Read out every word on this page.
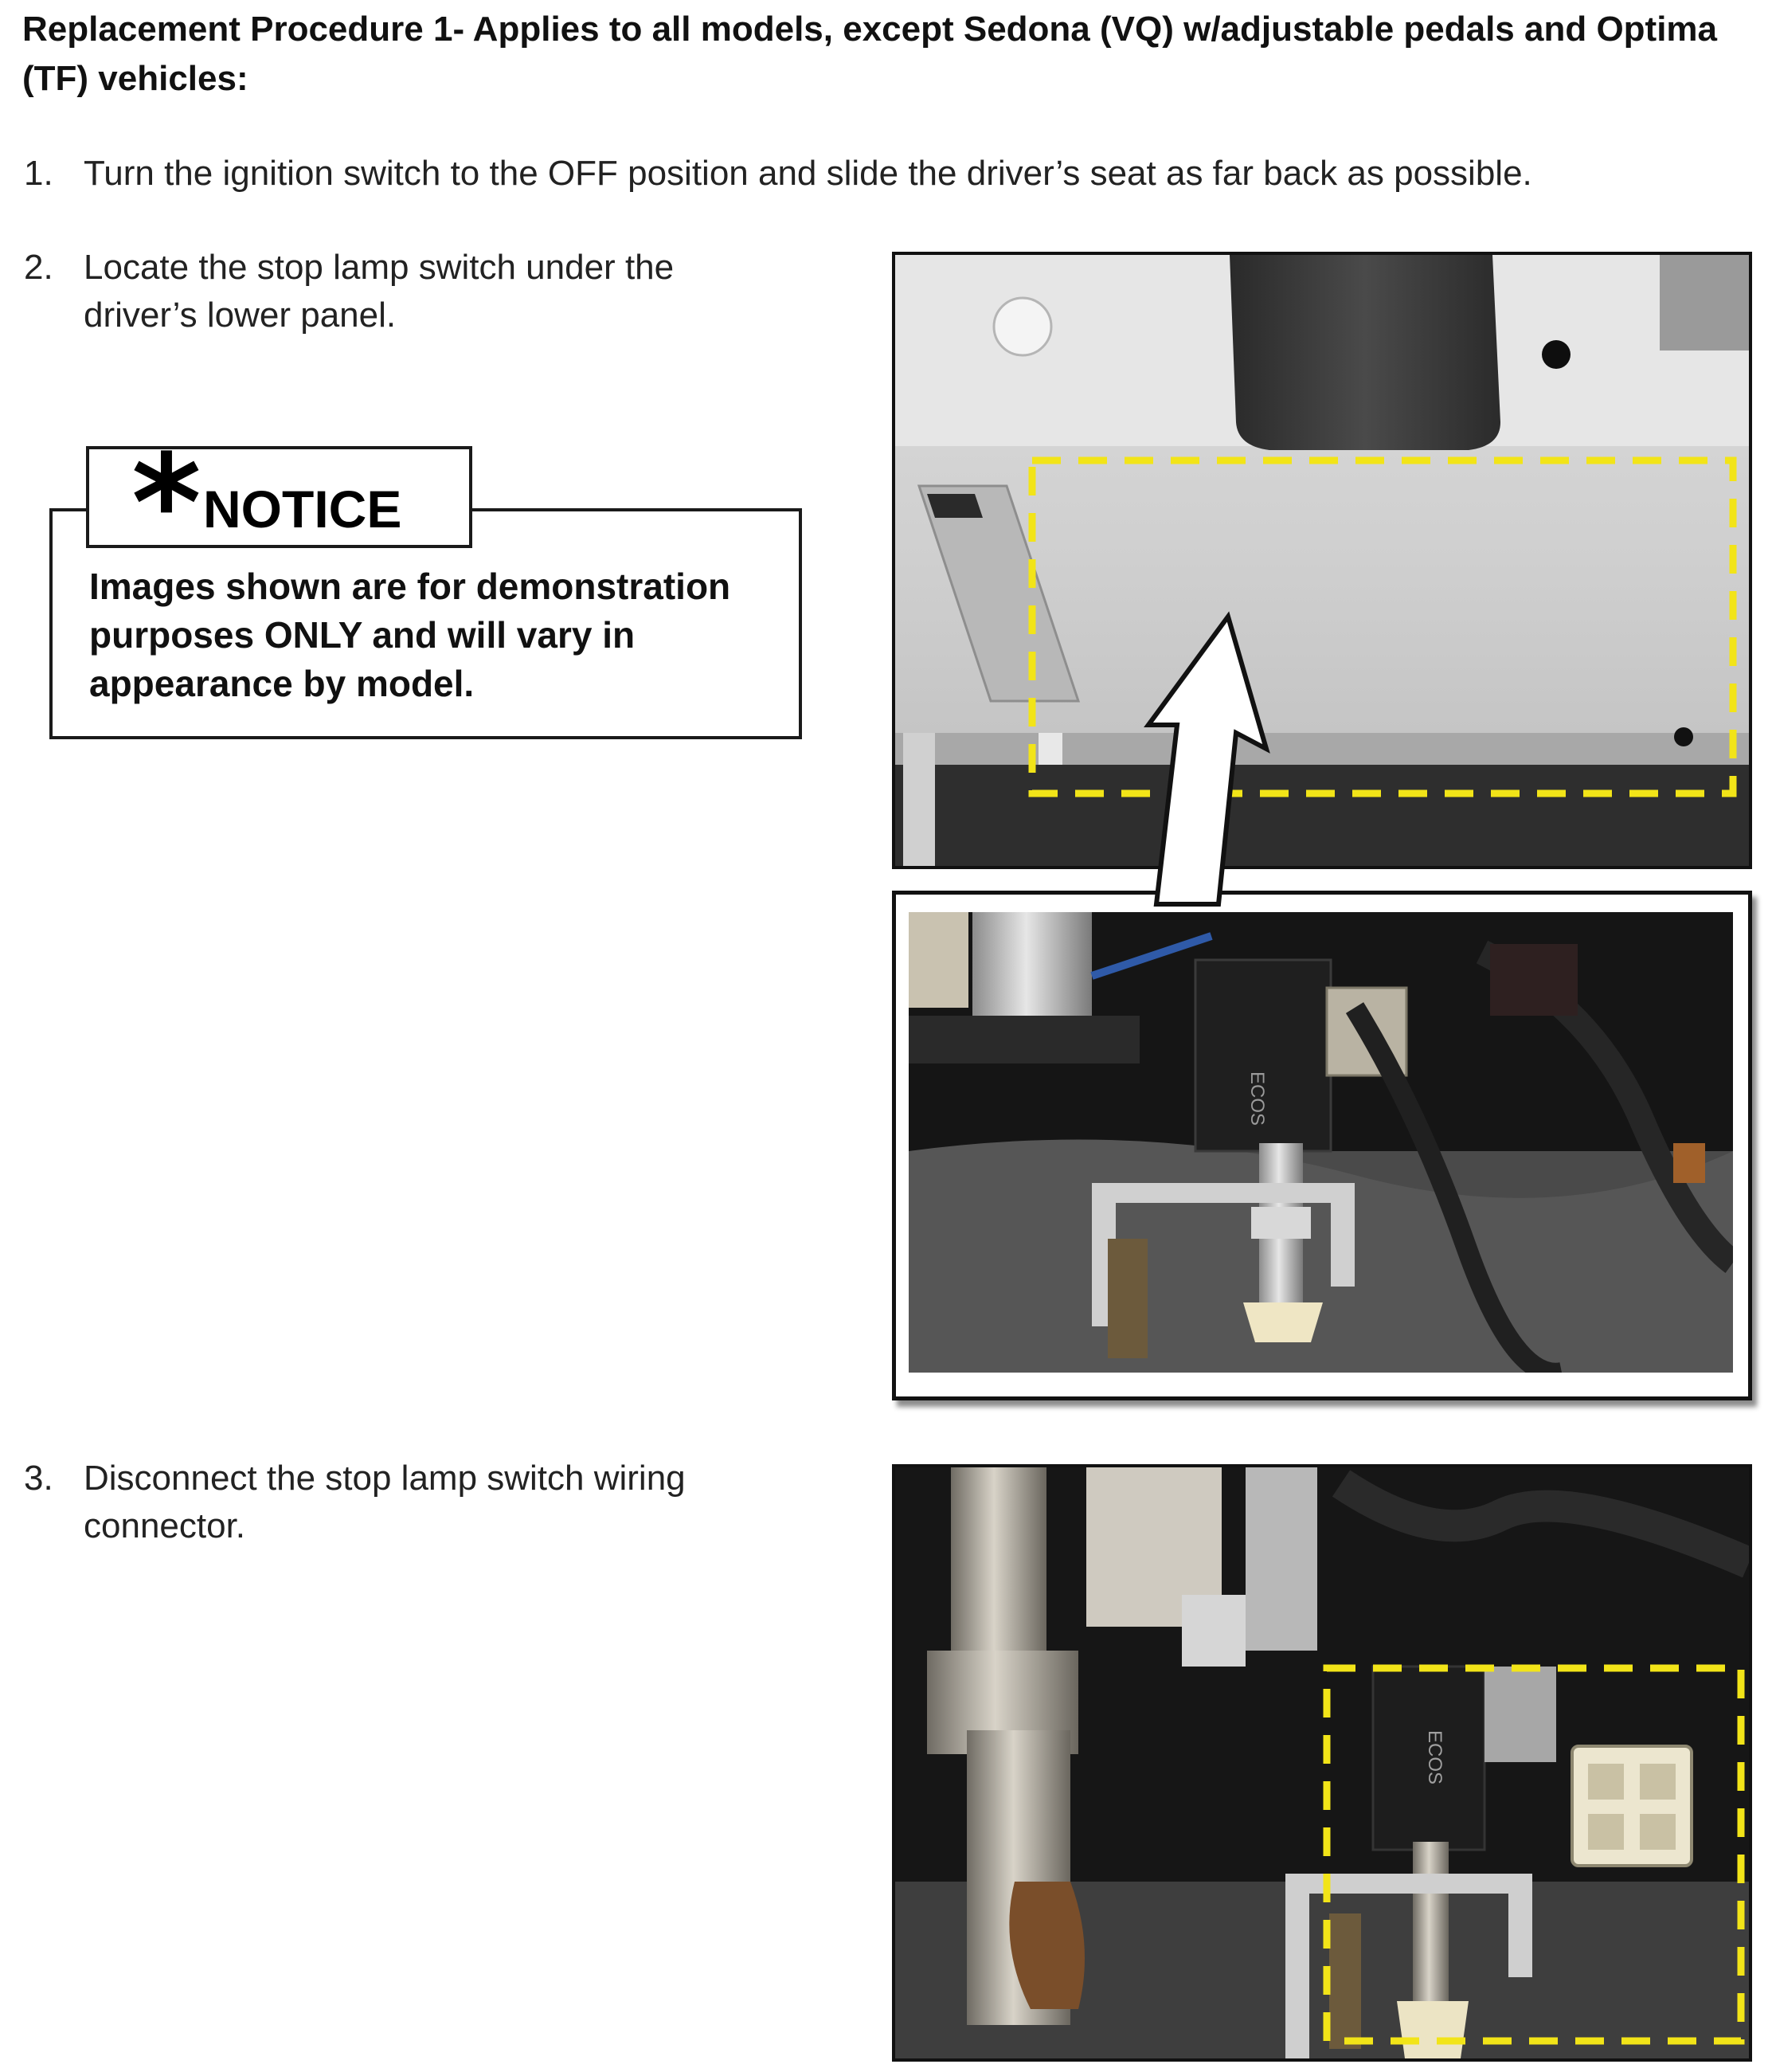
Replacement Procedure 1- Applies to all models, except Sedona (VQ) w/adjustable pedals and Optima (TF) vehicles:
1. Turn the ignition switch to the OFF position and slide the driver’s seat as far back as possible.
2. Locate the stop lamp switch under the driver’s lower panel.
* NOTICE
Images shown are for demonstration purposes ONLY and will vary in appearance by model.
ECOS
3. Disconnect the stop lamp switch wiring connector.
ECOS
